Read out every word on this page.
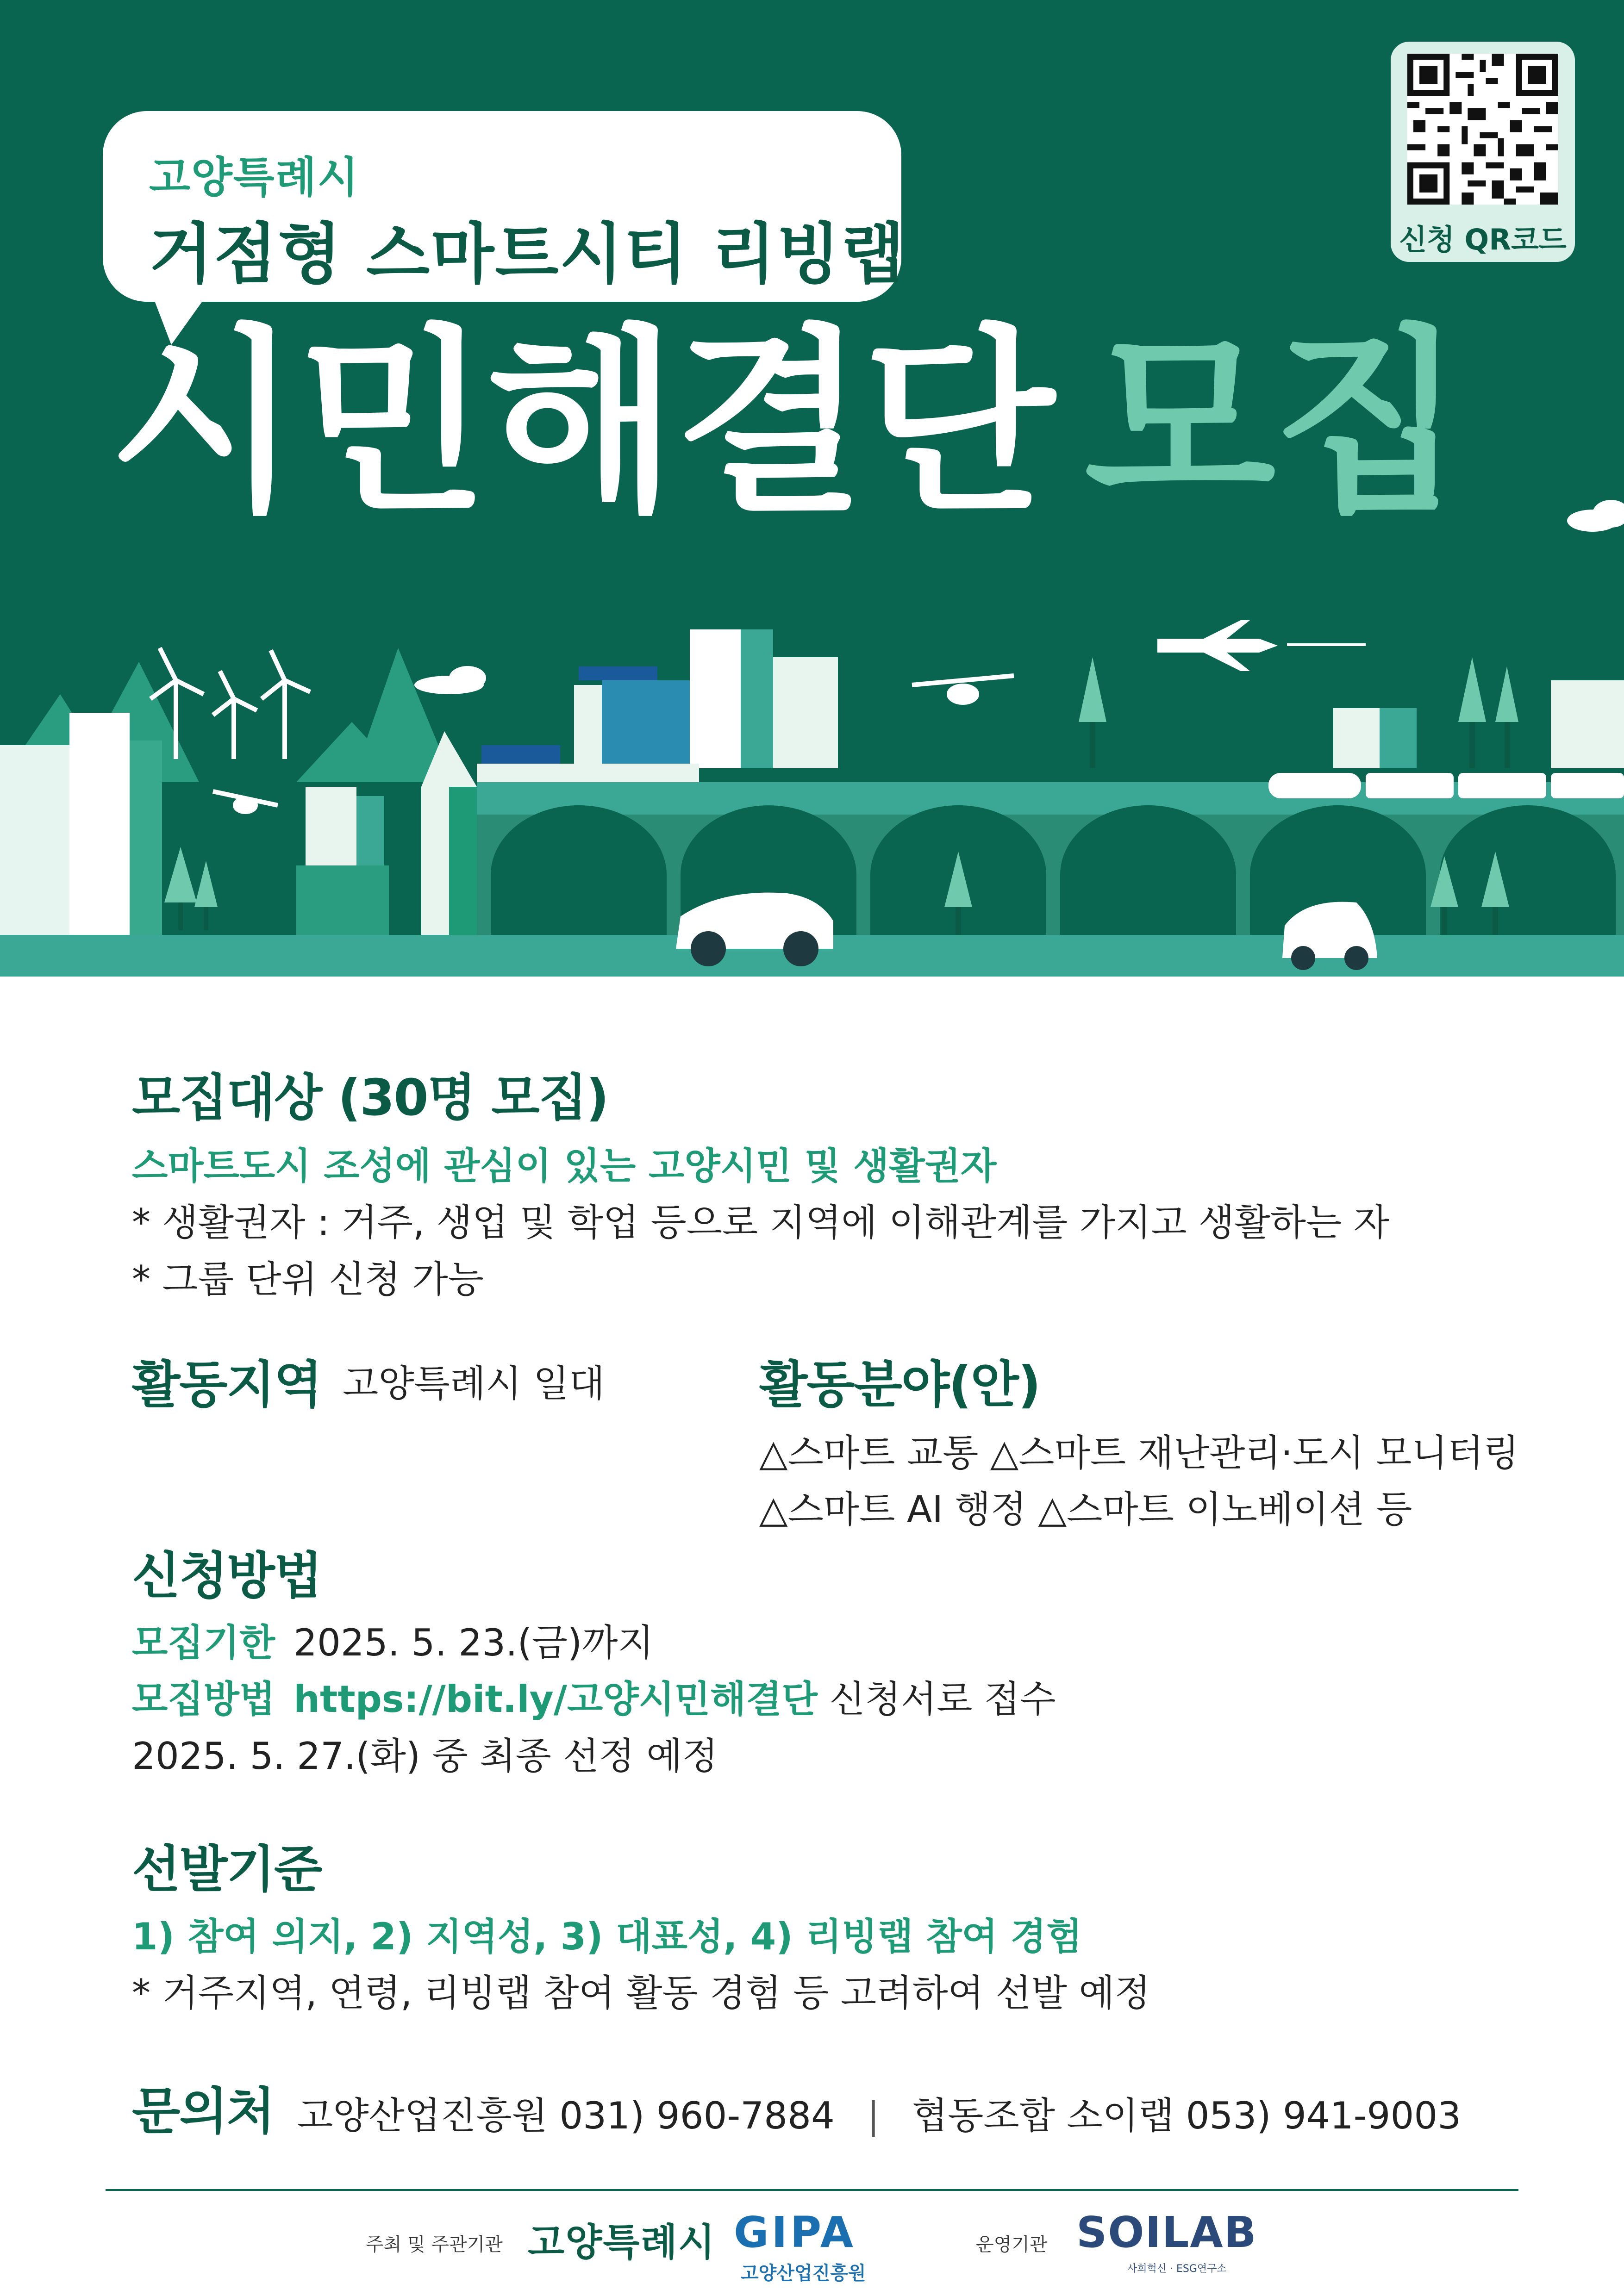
고양특례시
거점형 스마트시티 리빙랩
시민해결단 모집
신청 QR코드
모집대상 (30명 모집)
스마트도시 조성에 관심이 있는 고양시민 및 생활권자
* 생활권자 : 거주, 생업 및 학업 등으로 지역에 이해관계를 가지고 생활하는 자
* 그룹 단위 신청 가능
활동지역 고양특례시 일대	활동분야(안)
△스마트 교통 △스마트 재난관리·도시 모니터링
△스마트 AI 행정 △스마트 이노베이션 등
신청방법
모집기한 2025. 5. 23.(금)까지
모집방법 https://bit.ly/고양시민해결단 신청서로 접수
2025. 5. 27.(화) 중 최종 선정 예정
선발기준
1) 참여 의지, 2) 지역성, 3) 대표성, 4) 리빙랩 참여 경험
* 거주지역, 연령, 리빙랩 참여 활동 경험 등 고려하여 선발 예정
문의처 고양산업진흥원 031) 960-7884 | 협동조합 소이랩 053) 941-9003
주최 및 주관기관 고양특례시 GIPA
고양산업진흥원
운영기관 SOILAB
사회혁신 · ESG연구소
